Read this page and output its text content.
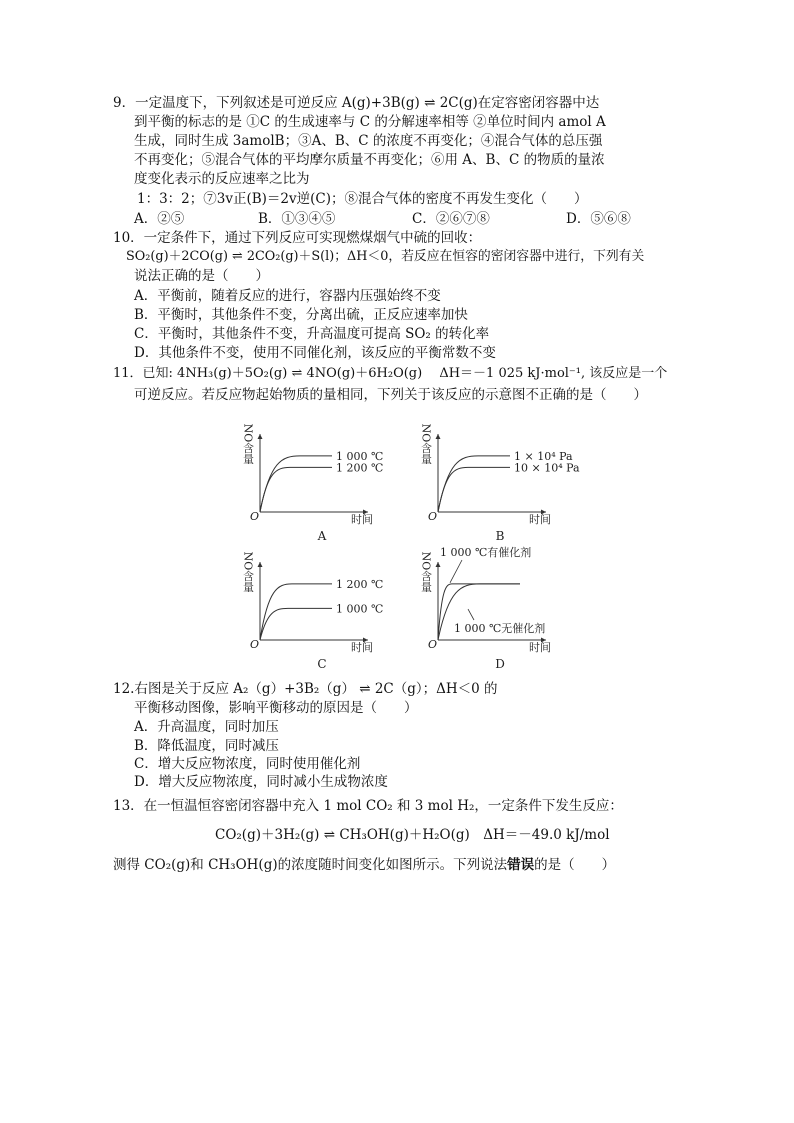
9．一定温度下，下列叙述是可逆反应 A(g)+3B(g) ⇌ 2C(g)在定容密闭容器中达
到平衡的标志的是 ①C 的生成速率与 C 的分解速率相等 ②单位时间内 amol A
生成，同时生成 3amolB；③A、B、C 的浓度不再变化；④混合气体的总压强
不再变化；⑤混合气体的平均摩尔质量不再变化；⑥用 A、B、C 的物质的量浓
度变化表示的反应速率之比为
1：3：2；⑦3v正(B)＝2v逆(C)；⑧混合气体的密度不再发生变化（　　）
A．②⑤	B．①③④⑤	C．②⑥⑦⑧	D．⑤⑥⑧
10．一定条件下，通过下列反应可实现燃煤烟气中硫的回收：
SO₂(g)＋2CO(g) ⇌ 2CO₂(g)＋S(l)；ΔH＜0，若反应在恒容的密闭容器中进行，下列有关
说法正确的是（　　）
A．平衡前，随着反应的进行，容器内压强始终不变
B．平衡时，其他条件不变，分离出硫，正反应速率加快
C．平衡时，其他条件不变，升高温度可提高 SO₂ 的转化率
D．其他条件不变，使用不同催化剂，该反应的平衡常数不变
11．已知: 4NH₃(g)＋5O₂(g) ⇌ 4NO(g)＋6H₂O(g)　 ΔH＝－1 025 kJ·mol⁻¹, 该反应是一个
可逆反应。若反应物起始物质的量相同，下列关于该反应的示意图不正确的是（　　）
NO含量
O	时间
A
1 000 ℃
1 200 ℃
NO含量
O	时间
B
1 × 10⁴ Pa
10 × 10⁴ Pa
NO含量
O	时间
C
1 200 ℃
1 000 ℃
NO含量
O	时间
D
1 000 ℃有催化剂
1 000 ℃无催化剂
12.右图是关于反应 A₂（g）+3B₂（g） ⇌ 2C（g）；ΔH＜0 的
平衡移动图像，影响平衡移动的原因是（　　）
A．升高温度，同时加压
B．降低温度，同时减压
C．增大反应物浓度，同时使用催化剂
D．增大反应物浓度，同时减小生成物浓度
13．在一恒温恒容密闭容器中充入 1 mol CO₂ 和 3 mol H₂，一定条件下发生反应：
CO₂(g)＋3H₂(g) ⇌ CH₃OH(g)＋H₂O(g)　ΔH＝－49.0 kJ/mol
测得 CO₂(g)和 CH₃OH(g)的浓度随时间变化如图所示。下列说法错误的是（　　）
